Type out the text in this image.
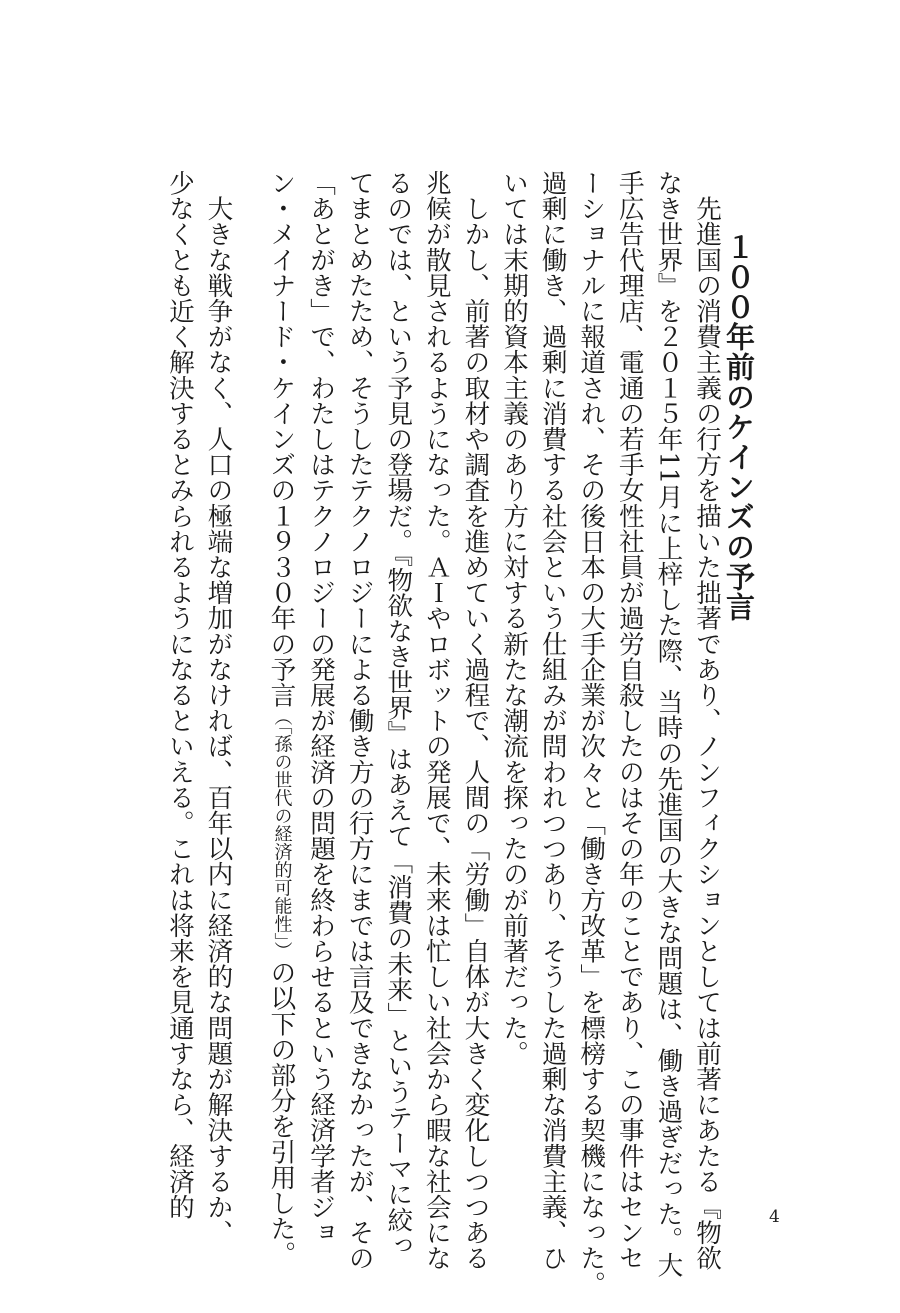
１００年前のケインズの予言
　先進国の消費主義の行方を描いた拙著であり、ノンフィクションとしては前著にあたる『物欲
なき世界』を２０１５年11月に上梓した際、当時の先進国の大きな問題は、働き過ぎだった。大
手広告代理店、電通の若手女性社員が過労自殺したのはその年のことであり、この事件はセンセ
ーショナルに報道され、その後日本の大手企業が次々と「働き方改革」を標榜する契機になった。
過剰に働き、過剰に消費する社会という仕組みが問われつつあり、そうした過剰な消費主義、ひ
いては末期的資本主義のあり方に対する新たな潮流を探ったのが前著だった。
　しかし、前著の取材や調査を進めていく過程で、人間の「労働」自体が大きく変化しつつある
兆候が散見されるようになった。ＡＩやロボットの発展で、未来は忙しい社会から暇な社会にな
るのでは、という予見の登場だ。『物欲なき世界』はあえて「消費の未来」というテーマに絞っ
てまとめたため、そうしたテクノロジーによる働き方の行方にまでは言及できなかったが、その
「あとがき」で、わたしはテクノロジーの発展が経済の問題を終わらせるという経済学者ジョ
ン・メイナード・ケインズの１９３０年の予言（「孫の世代の経済的可能性」）の以下の部分を引用した。
　大きな戦争がなく、人口の極端な増加がなければ、百年以内に経済的な問題が解決するか、
少なくとも近く解決するとみられるようになるといえる。これは将来を見通すなら、経済的	4
